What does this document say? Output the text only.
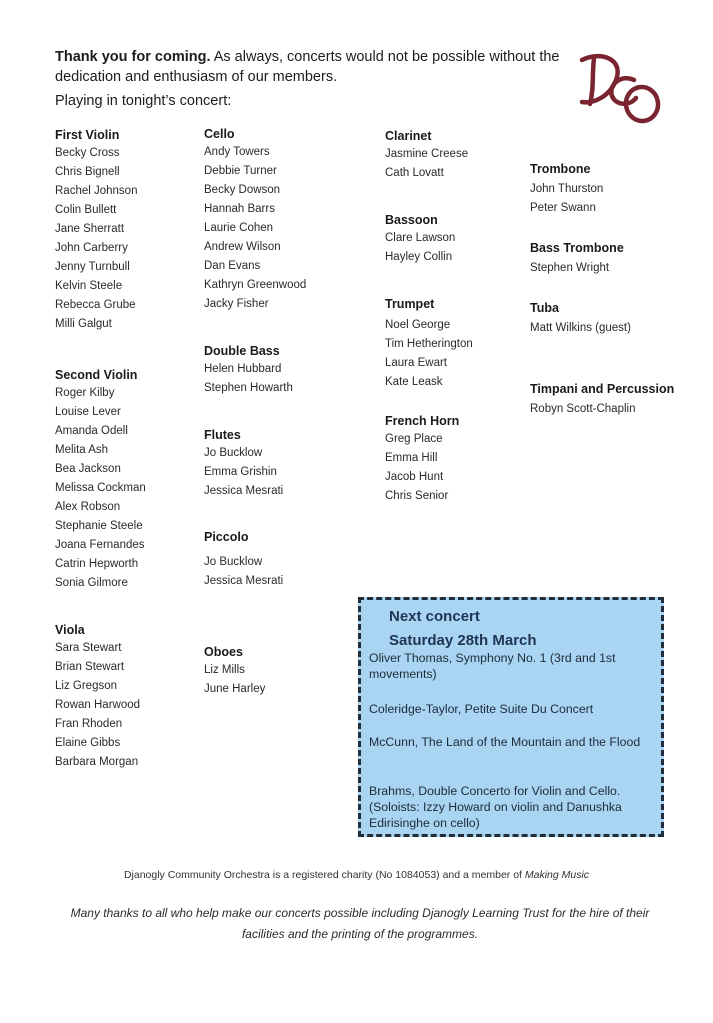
Thank you for coming. As always, concerts would not be possible without the dedication and enthusiasm of our members.
Playing in tonight’s concert:
First Violin
Becky Cross
Chris Bignell
Rachel Johnson
Colin Bullett
Jane Sherratt
John Carberry
Jenny Turnbull
Kelvin Steele
Rebecca Grube
Milli Galgut
Second Violin
Roger Kilby
Louise Lever
Amanda Odell
Melita Ash
Bea Jackson
Melissa Cockman
Alex Robson
Stephanie Steele
Joana Fernandes
Catrin Hepworth
Sonia Gilmore
Viola
Sara Stewart
Brian Stewart
Liz Gregson
Rowan Harwood
Fran Rhoden
Elaine Gibbs
Barbara Morgan
Cello
Andy Towers
Debbie Turner
Becky Dowson
Hannah Barrs
Laurie Cohen
Andrew Wilson
Dan Evans
Kathryn Greenwood
Jacky Fisher
Double Bass
Helen Hubbard
Stephen Howarth
Flutes
Jo Bucklow
Emma Grishin
Jessica Mesrati
Piccolo
Jo Bucklow
Jessica Mesrati
Oboes
Liz Mills
June Harley
Clarinet
Jasmine Creese
Cath Lovatt
Bassoon
Clare Lawson
Hayley Collin
Trumpet
Noel George
Tim Hetherington
Laura Ewart
Kate Leask
French Horn
Greg Place
Emma Hill
Jacob Hunt
Chris Senior
Trombone
John Thurston
Peter Swann
Bass Trombone
Stephen Wright
Tuba
Matt Wilkins (guest)
Timpani and Percussion
Robyn Scott-Chaplin
Next concert
Saturday 28th March
Oliver Thomas, Symphony No. 1 (3rd and 1st movements)
Coleridge-Taylor, Petite Suite Du Concert
McCunn, The Land of the Mountain and the Flood
Brahms, Double Concerto for Violin and Cello. (Soloists: Izzy Howard on violin and Danushka Edirisinghe on cello)
Djanogly Community Orchestra is a registered charity (No 1084053) and a member of Making Music
Many thanks to all who help make our concerts possible including Djanogly Learning Trust for the hire of their facilities and the printing of the programmes.
